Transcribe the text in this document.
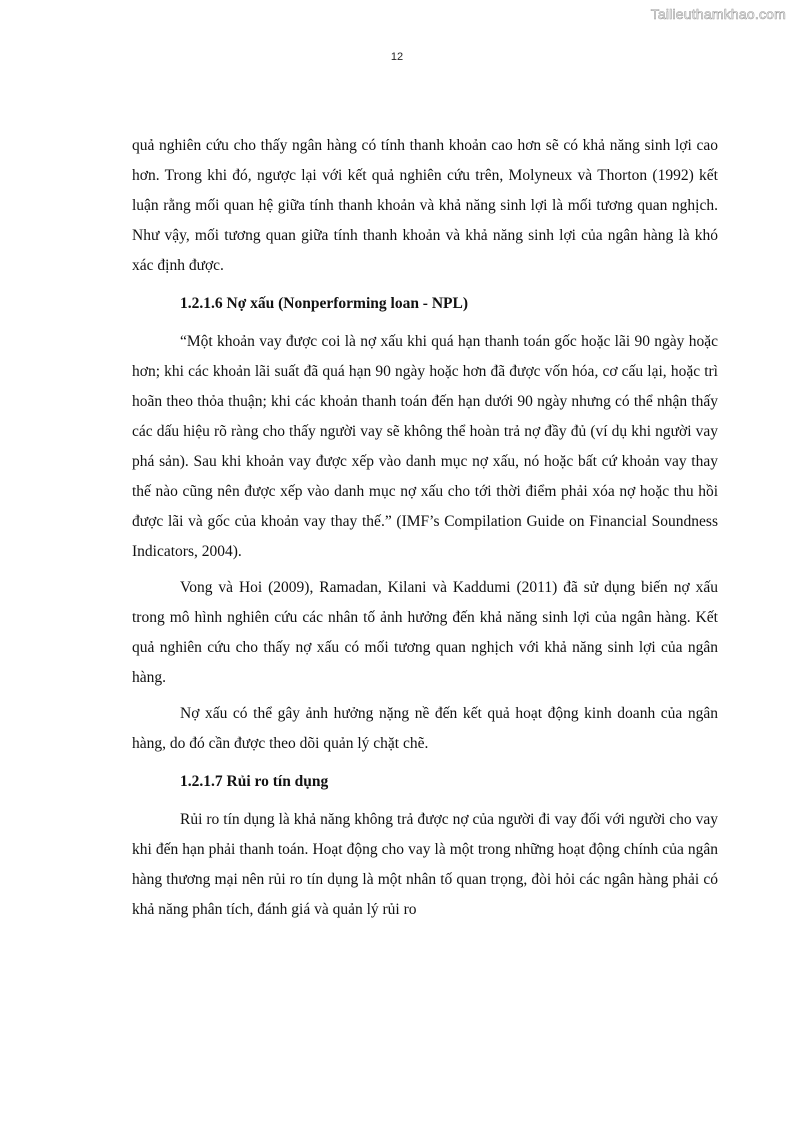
Tailieuthamkhao.com
12

quả nghiên cứu cho thấy ngân hàng có tính thanh khoản cao hơn sẽ có khả năng sinh lợi cao hơn. Trong khi đó, ngược lại với kết quả nghiên cứu trên, Molyneux và Thorton (1992) kết luận rằng mối quan hệ giữa tính thanh khoản và khả năng sinh lợi là mối tương quan nghịch. Như vậy, mối tương quan giữa tính thanh khoản và khả năng sinh lợi của ngân hàng là khó xác định được.

1.2.1.6 Nợ xấu (Nonperforming loan - NPL)

“Một khoản vay được coi là nợ xấu khi quá hạn thanh toán gốc hoặc lãi 90 ngày hoặc hơn; khi các khoản lãi suất đã quá hạn 90 ngày hoặc hơn đã được vốn hóa, cơ cấu lại, hoặc trì hoãn theo thỏa thuận; khi các khoản thanh toán đến hạn dưới 90 ngày nhưng có thể nhận thấy các dấu hiệu rõ ràng cho thấy người vay sẽ không thể hoàn trả nợ đầy đủ (ví dụ khi người vay phá sản). Sau khi khoản vay được xếp vào danh mục nợ xấu, nó hoặc bất cứ khoản vay thay thế nào cũng nên được xếp vào danh mục nợ xấu cho tới thời điểm phải xóa nợ hoặc thu hồi được lãi và gốc của khoản vay thay thế.” (IMF’s Compilation Guide on Financial Soundness Indicators, 2004).

Vong và Hoi (2009), Ramadan, Kilani và Kaddumi (2011) đã sử dụng biến nợ xấu trong mô hình nghiên cứu các nhân tố ảnh hưởng đến khả năng sinh lợi của ngân hàng. Kết quả nghiên cứu cho thấy nợ xấu có mối tương quan nghịch với khả năng sinh lợi của ngân hàng.

Nợ xấu có thể gây ảnh hưởng nặng nề đến kết quả hoạt động kinh doanh của ngân hàng, do đó cần được theo dõi quản lý chặt chẽ.

1.2.1.7 Rủi ro tín dụng

Rủi ro tín dụng là khả năng không trả được nợ của người đi vay đối với người cho vay khi đến hạn phải thanh toán. Hoạt động cho vay là một trong những hoạt động chính của ngân hàng thương mại nên rủi ro tín dụng là một nhân tố quan trọng, đòi hỏi các ngân hàng phải có khả năng phân tích, đánh giá và quản lý rủi ro
